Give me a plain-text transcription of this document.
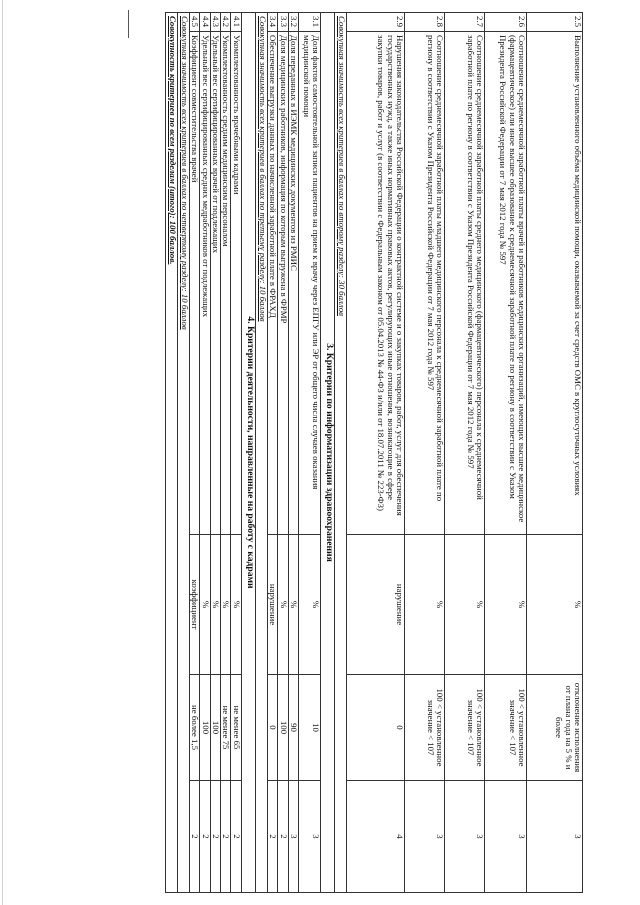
2.5	Выполнение установленного объёма медицинской помощи, оказываемой за счет средств ОМС в круглосуточных условиях	%	отклонение исполнения от плана года на 5 % и более	3
2.6	Соотношение среднемесячной заработной платы врачей и работников медицинских организаций, имеющих высшее медицинское (фармацевтическое) или иное высшее образование к среднемесячной заработной плате по региону в соответствии с Указом Президента Российской Федерации от 7 мая 2012 года № 597	%	100 < установленное значение < 107	3
2.7	Соотношение среднемесячной заработной платы среднего медицинского (фармацевтического) персонала к среднемесячной заработной плате по региону в соответствии с Указом Президента Российской Федерации от 7 мая 2012 года № 597	%	100 < установленное значение < 107	3
2.8	Соотношение среднемесячной заработной платы младшего медицинского персонала к среднемесячной заработной плате по региону в соответствии с Указом Президента Российской Федерации от 7 мая 2012 года № 597	%	100 < установленное значение < 107	3
2.9	Нарушения законодательства Российской Федерации о контрактной системе и о закупках товаров, работ, услуг для обеспечения государственных нужд, а также иных нормативных правовых актов, регулирующих иные отношения, возникающие в сфере закупки товаров, работ и услуг (в соответствии с Федеральным законом от 05.04.2013 № 44-ФЗ и/или от 18.07.2011 № 223-ФЗ)	нарушение	0	4
Совокупная значимость всех критериев в баллах по второму разделу: 30 баллов				
3. Критерии по информатизации здравоохранения				
3.1	Доля фактов самостоятельной записи пациентов на прием к врачу через ЕПГУ или ЭР от общего числа случаев оказания медицинской помощи	%	10	3
3.2	Доля переданных в ИЭМК медицинских документов из РМИС	%	90	3
3.3	Доля медицинских работников, информация по которым выгружена в ФРМР	%	100	2
3.4	Обеспечение выгрузки данных по начисленной заработной плате в ФРАХД	нарушение	0	2
Совокупная значимость всех критериев в баллах по третьему разделу: 10 баллов				
4. Критерии деятельности, направленные на работу с кадрами				
4.1	Укомплектованность врачебными кадрами	%	не менее 65	2
4.2	Укомплектованность средним медицинским персоналом	%	не менее 75	2
4.3	Удельный вес сертифицированных врачей от подлежащих	%	100	2
4.4	Удельный вес сертифицированных средних медработников от подлежащих	%	100	2
4.5	Коэффициент совместительства врачей	коэффициент	не более 1,5	2
Совокупная значимость всех критериев в баллах по четвертому разделу: 10 баллов				
Совокупность критериев по всем разделам (итого): 100 баллов.				
